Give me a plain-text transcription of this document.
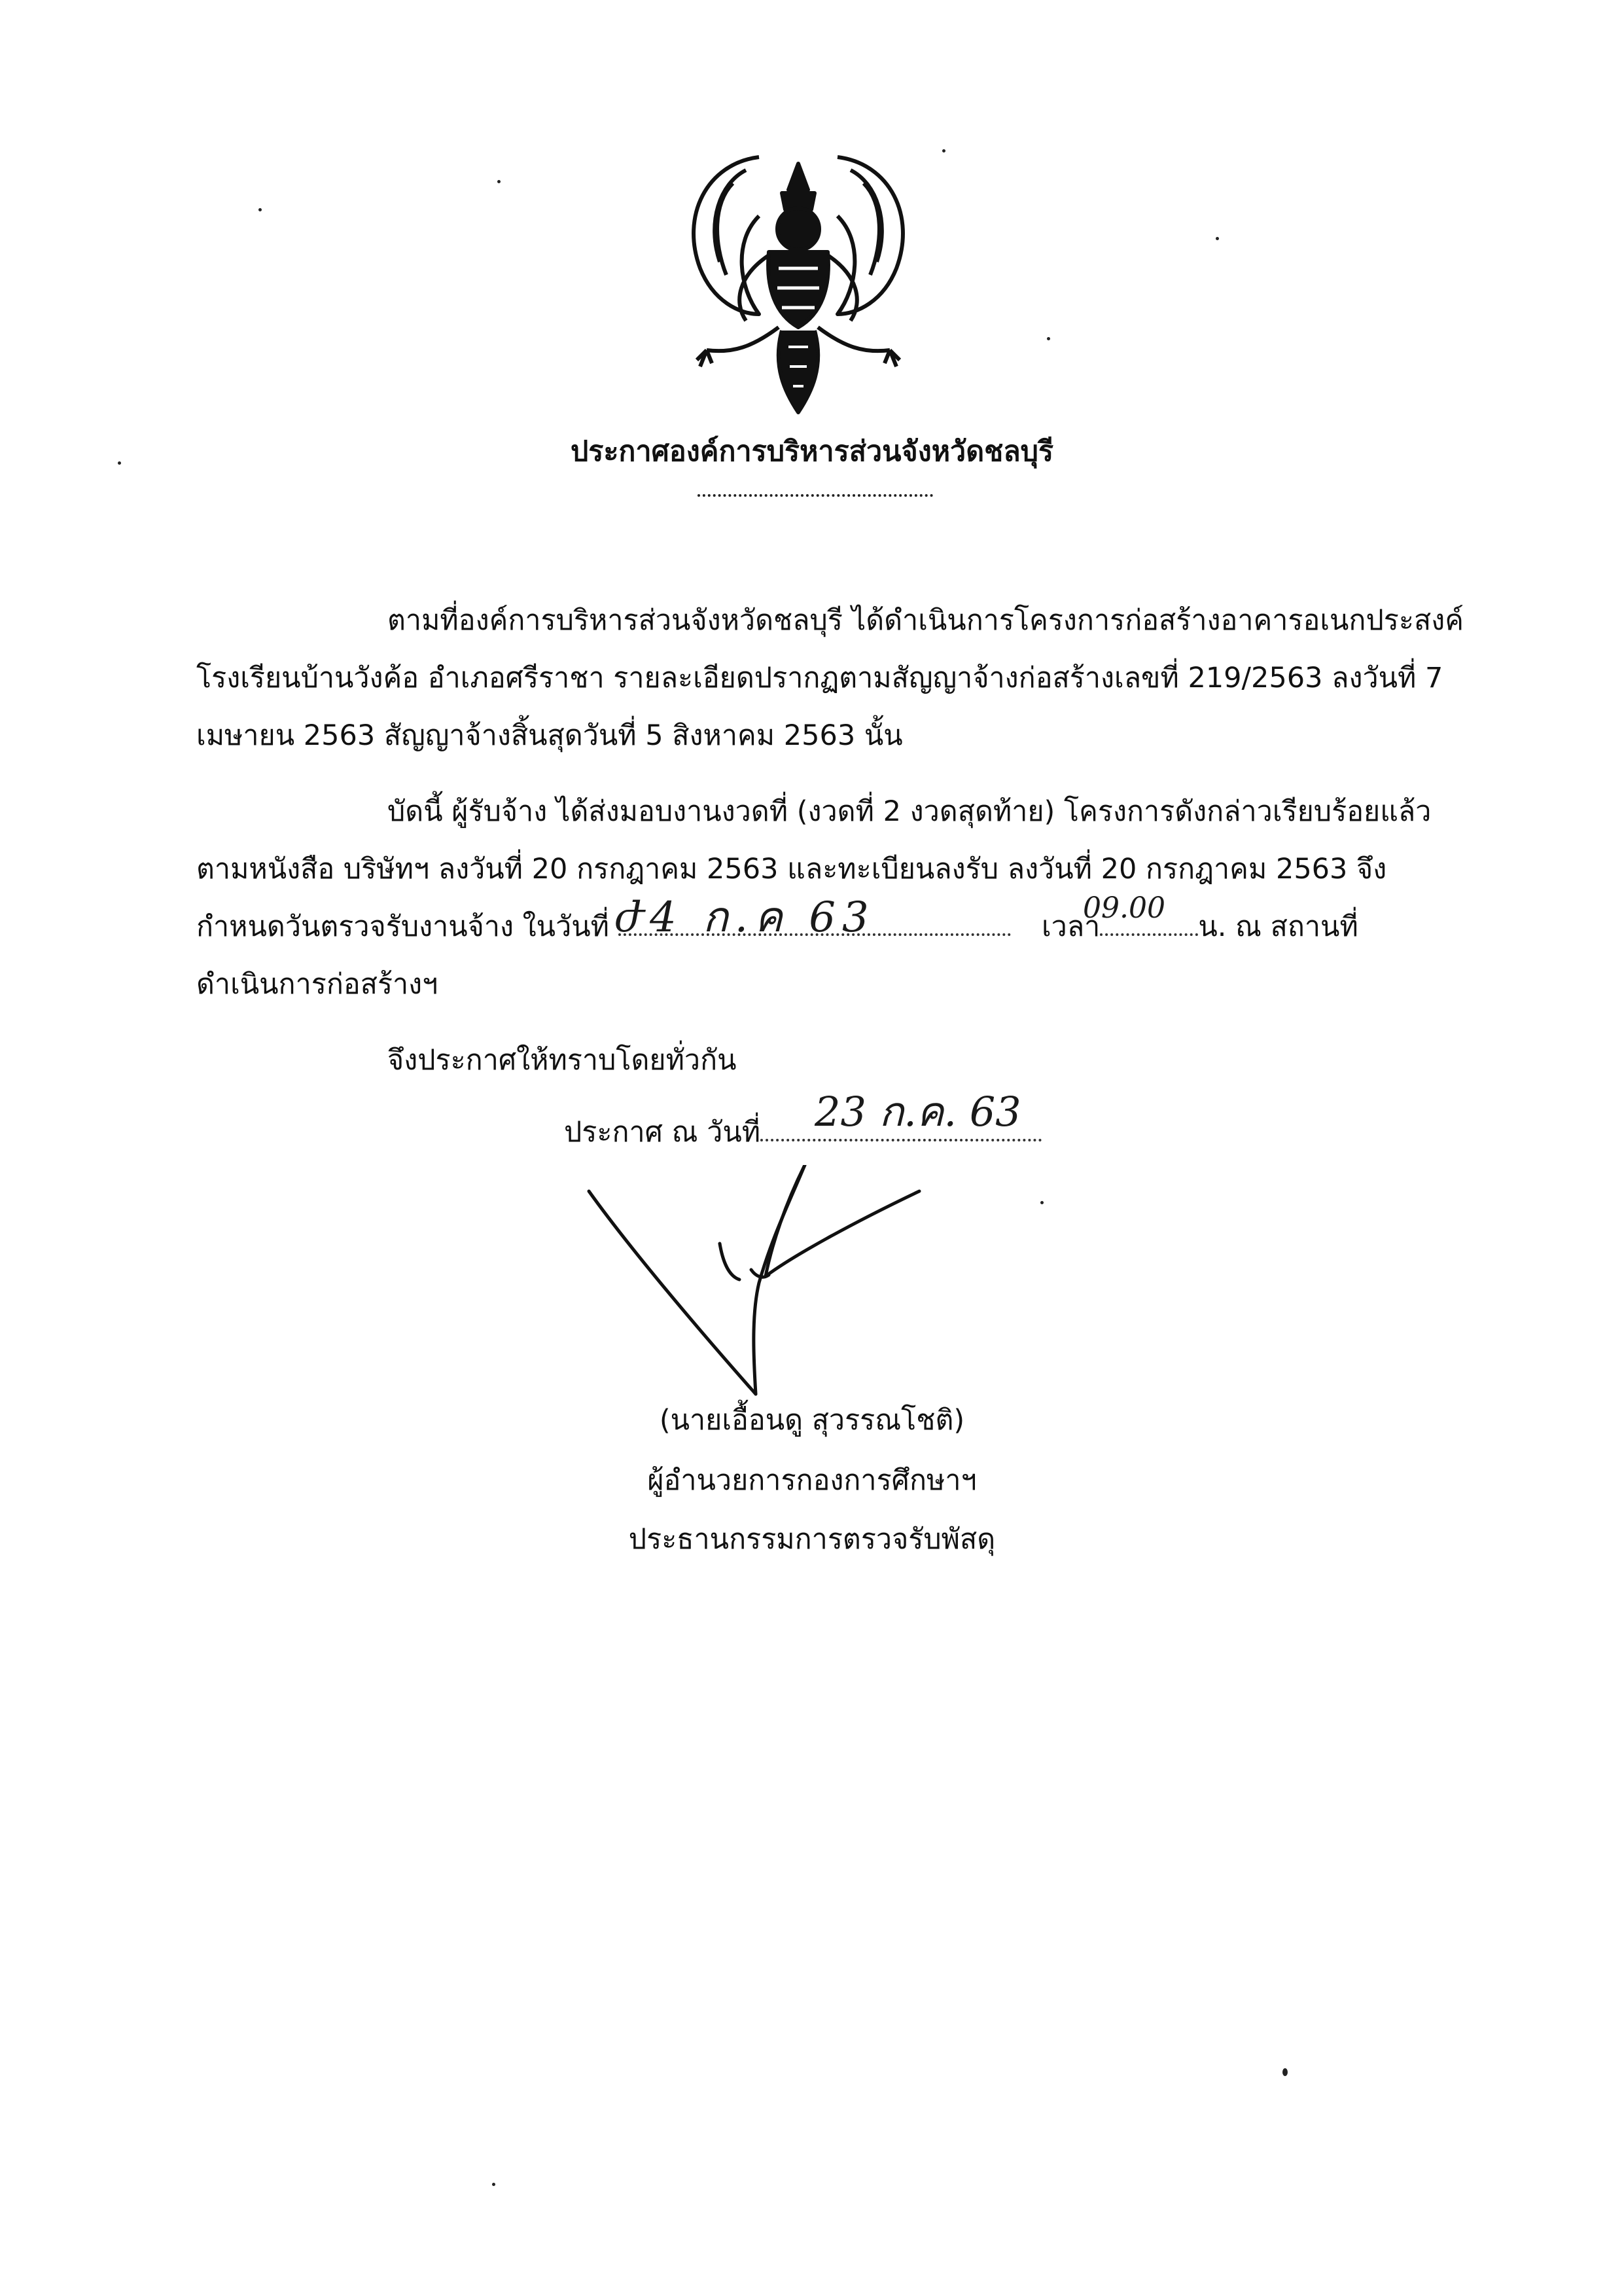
ประกาศองค์การบริหารส่วนจังหวัดชลบุรี
ตามที่องค์การบริหารส่วนจังหวัดชลบุรี ได้ดำเนินการโครงการก่อสร้างอาคารอเนกประสงค์
โรงเรียนบ้านวังค้อ อำเภอศรีราชา รายละเอียดปรากฏตามสัญญาจ้างก่อสร้างเลขที่ 219/2563 ลงวันที่ 7
เมษายน 2563 สัญญาจ้างสิ้นสุดวันที่ 5 สิงหาคม 2563 นั้น
บัดนี้ ผู้รับจ้าง ได้ส่งมอบงานงวดที่ (งวดที่ 2 งวดสุดท้าย) โครงการดังกล่าวเรียบร้อยแล้ว
ตามหนังสือ บริษัทฯ ลงวันที่ 20 กรกฎาคม 2563 และทะเบียนลงรับ ลงวันที่ 20 กรกฎาคม 2563 จึง
กำหนดวันตรวจรับงานจ้าง ในวันที่	เวลา	น. ณ สถานที่
ժ4 ก.ค 63	09.00
ดำเนินการก่อสร้างฯ
จึงประกาศให้ทราบโดยทั่วกัน
ประกาศ ณ วันที่	23 ก.ค. 63
(นายเอื้อนดู สุวรรณโชติ)
ผู้อำนวยการกองการศึกษาฯ
ประธานกรรมการตรวจรับพัสดุ
